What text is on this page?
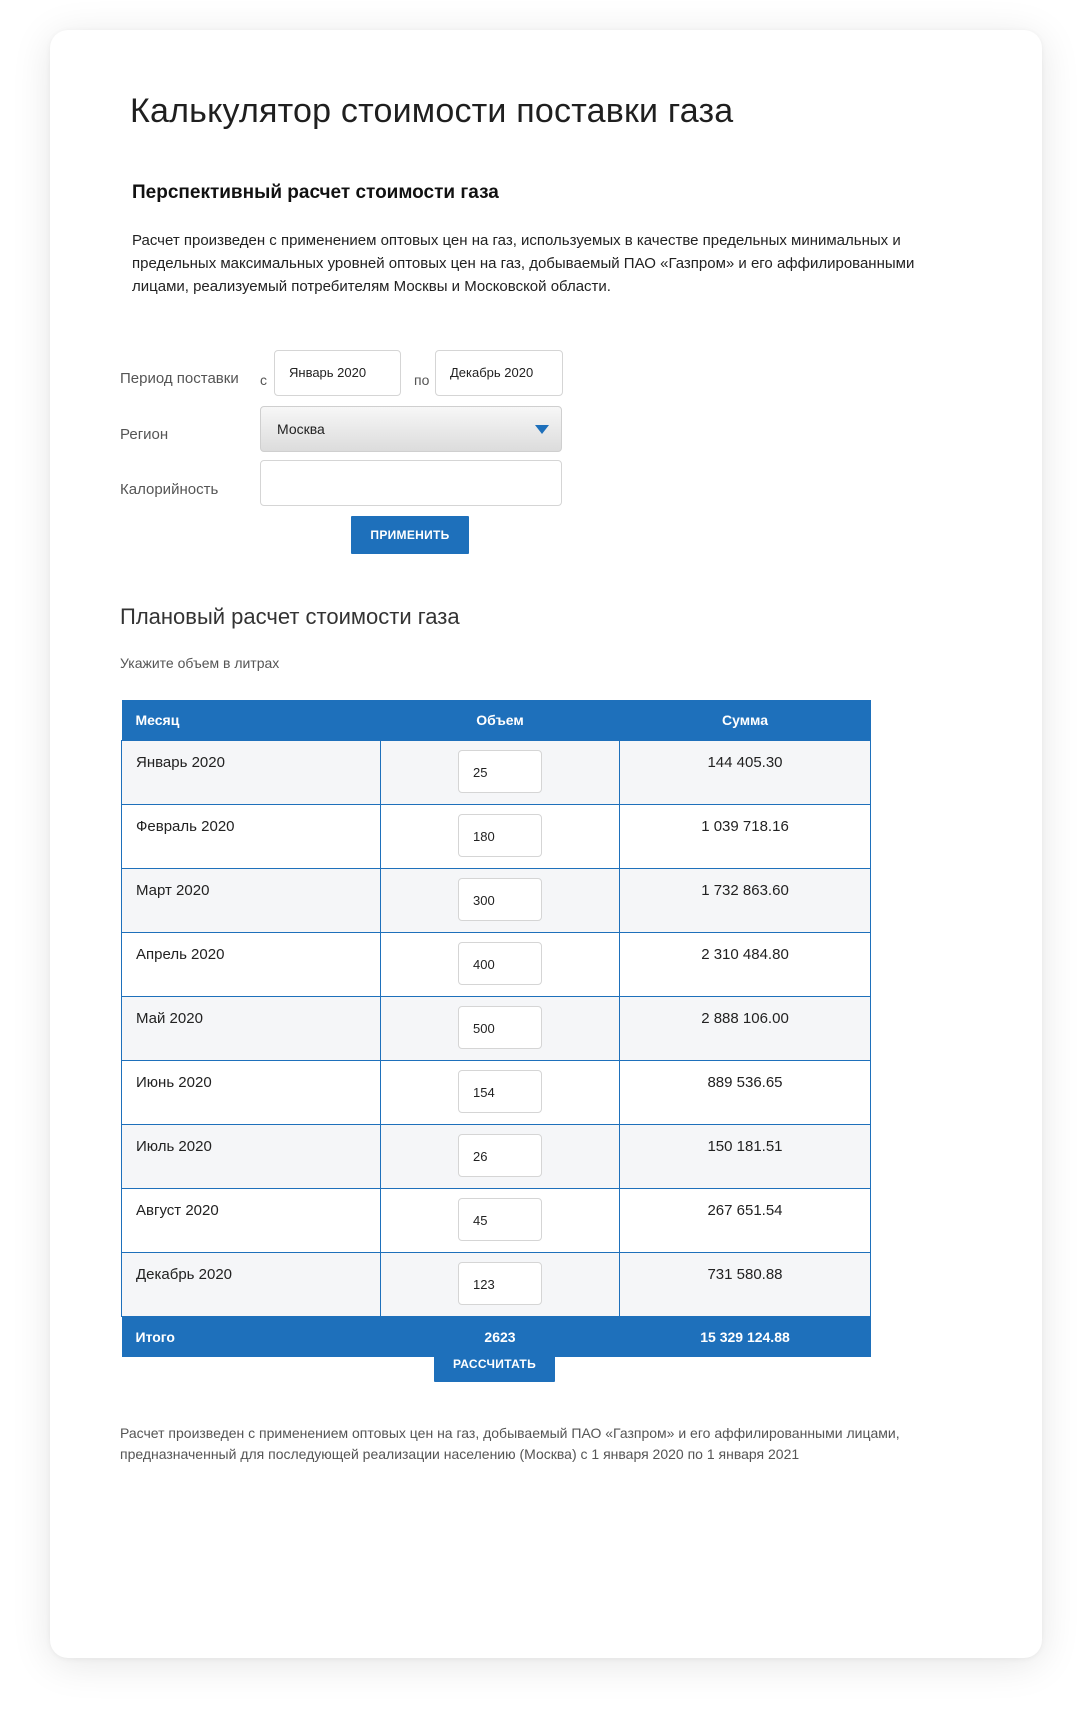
Калькулятор стоимости поставки газа
Перспективный расчет стоимости газа

Расчет произведен с применением оптовых цен на газ, используемых в качестве предельных минимальных и предельных максимальных уровней оптовых цен на газ, добываемый ПАО «Газпром» и его аффилированными лицами, реализуемый потребителям Москвы и Московской области.

Период поставки с	Январь 2020	по	Декабрь 2020
Регион	Москва
Калорийность
ПРИМЕНИТЬ
Плановый расчет стоимости газа
Укажите объем в литрах
Месяц	Объем	Сумма
Январь 2020	25	144 405.30
Февраль 2020	180	1 039 718.16
Март 2020	300	1 732 863.60
Апрель 2020	400	2 310 484.80
Май 2020	500	2 888 106.00
Июнь 2020	154	889 536.65
Июль 2020	26	150 181.51
Август 2020	45	267 651.54
Декабрь 2020	123	731 580.88
Итого	2623	15 329 124.88
РАССЧИТАТЬ

Расчет произведен с применением оптовых цен на газ, добываемый ПАО «Газпром» и его аффилированными лицами, предназначенный для последующей реализации населению (Москва) с 1 января 2020 по 1 января 2021
